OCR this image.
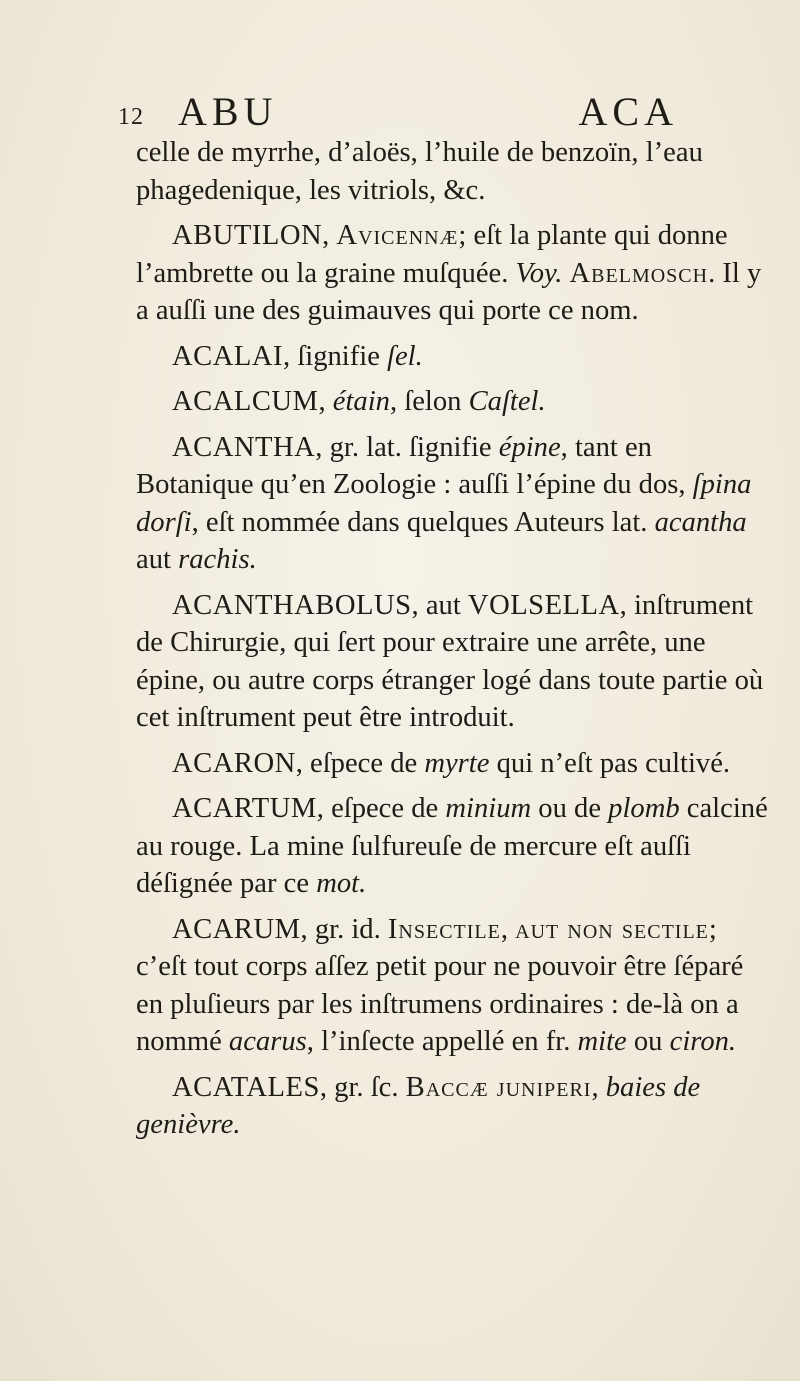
12 ABU	ACA

celle de myrrhe, d’aloës, l’huile de benzoïn, l’eau phagedenique, les vitriols, &c.

ABUTILON, Avicennæ; eſt la plante qui donne l’ambrette ou la graine muſquée. Voy. Abelmosch. Il y a auſſi une des guimauves qui porte ce nom.

ACALAI, ſignifie ſel.

ACALCUM, étain, ſelon Caſtel.

ACANTHA, gr. lat. ſignifie épine, tant en Botanique qu’en Zoologie : auſſi l’épine du dos, ſpina dorſi, eſt nommée dans quelques Auteurs lat. acantha aut rachis.

ACANTHABOLUS, aut VOLSELLA, inſtrument de Chirurgie, qui ſert pour extraire une arrête, une épine, ou autre corps étranger logé dans toute partie où cet inſtrument peut être introduit.

ACARON, eſpece de myrte qui n’eſt pas cultivé.

ACARTUM, eſpece de minium ou de plomb calciné au rouge. La mine ſulfureuſe de mercure eſt auſſi déſignée par ce mot.

ACARUM, gr. id. Insectile, aut non sectile; c’eſt tout corps aſſez petit pour ne pouvoir être ſéparé en pluſieurs par les inſtrumens ordinaires : de-là on a nommé acarus, l’inſecte appellé en fr. mite ou ciron.

ACATALES, gr. ſc. Baccæ juniperi, baies de genièvre.
